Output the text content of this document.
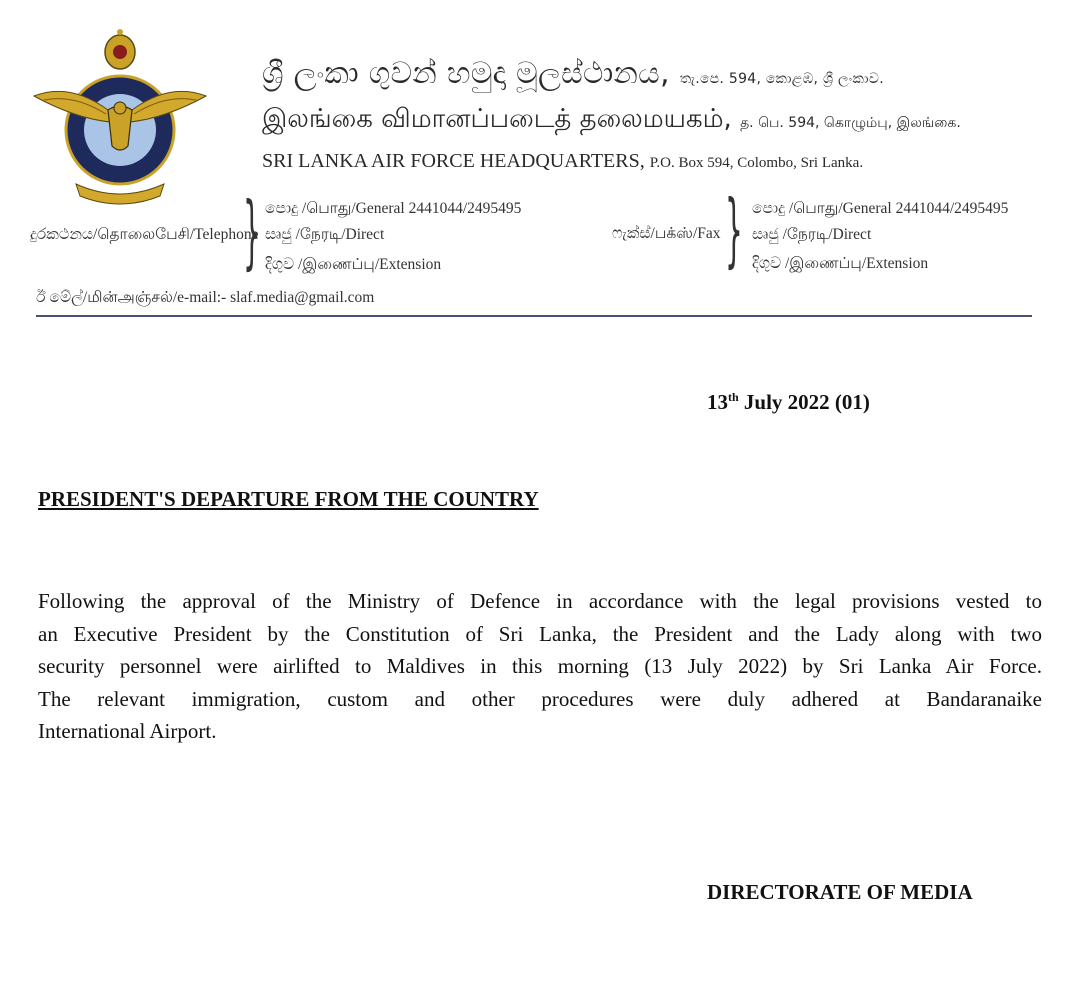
ශ්‍රී ලංකා ගුවන් හමුදා මූලස්ථානය, තැ.පෙ. 594, කොළඹ, ශ්‍රී ලංකාව.
இலங்கை விமானப்படைத் தலைமயகம், த. பெ. 594, கொழும்பு, இலங்கை.
SRI LANKA AIR FORCE HEADQUARTERS, P.O. Box 594, Colombo, Sri Lanka.
දුරකථනය/தொலைபேசி/Telephone
} පොදු /பொது/General 2441044/2495495
සෘජු /நேரடி/Direct
දිගුව /இணைப்பு/Extension
ෆැක්ස්/பக்ஸ்/Fax } පොදු /பொது/General 2441044/2495495
සෘජු /நேரடி/Direct
දිගුව /இணைப்பு/Extension
ඊ මේල්/மின்அஞ்சல்/e-mail:- slaf.media@gmail.com
13th July 2022 (01)
PRESIDENT'S DEPARTURE FROM THE COUNTRY
Following the approval of the Ministry of Defence in accordance with the legal provisions vested to
an Executive President by the Constitution of Sri Lanka, the President and the Lady along with two
security personnel were airlifted to Maldives in this morning (13 July 2022) by Sri Lanka Air Force.
The relevant immigration, custom and other procedures were duly adhered at Bandaranaike
International Airport.
DIRECTORATE OF MEDIA
